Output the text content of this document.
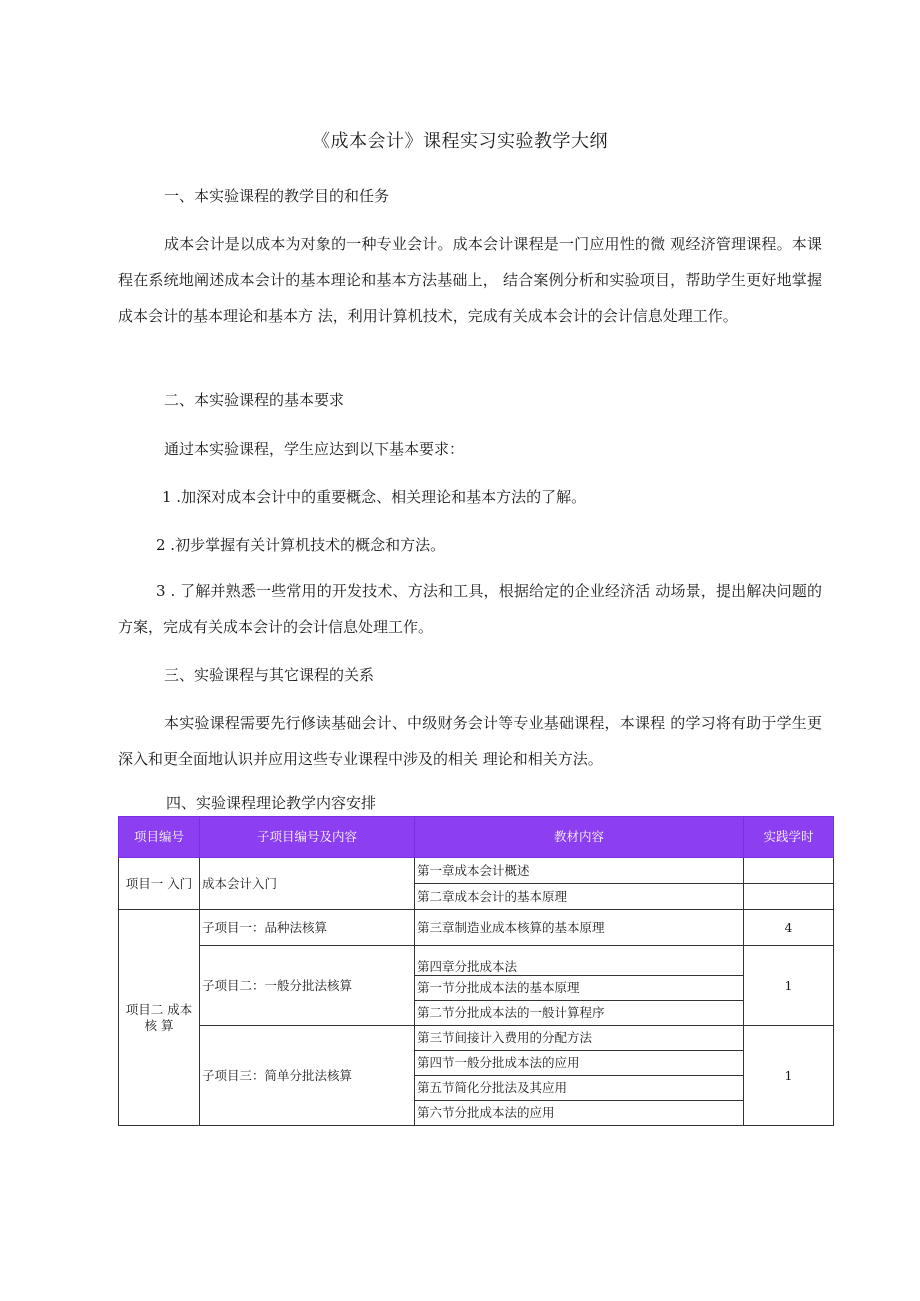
《成本会计》课程实习实验教学大纲

一、本实验课程的教学目的和任务

成本会计是以成本为对象的一种专业会计。成本会计课程是一门应用性的微 观经济管理课程。本课程在系统地阐述成本会计的基本理论和基本方法基础上， 结合案例分析和实验项目，帮助学生更好地掌握成本会计的基本理论和基本方 法，利用计算机技术，完成有关成本会计的会计信息处理工作。

二、本实验课程的基本要求

通过本实验课程，学生应达到以下基本要求：

1 .加深对成本会计中的重要概念、相关理论和基本方法的了解。

2 .初步掌握有关计算机技术的概念和方法。

3 . 了解并熟悉一些常用的开发技术、方法和工具，根据给定的企业经济活 动场景，提出解决问题的方案，完成有关成本会计的会计信息处理工作。

三、实验课程与其它课程的关系

本实验课程需要先行修读基础会计、中级财务会计等专业基础课程，本课程 的学习将有助于学生更深入和更全面地认识并应用这些专业课程中涉及的相关 理论和相关方法。

四、实验课程理论教学内容安排

项目编号	子项目编号及内容	教材内容	实践学时
项目一 入门	成本会计入门	第一章成本会计概述	
		第二章成本会计的基本原理	
项目二 成本核 算	子项目一：品种法核算	第三章制造业成本核算的基本原理	4
	子项目二：一般分批法核算	第四章分批成本法	1
		第一节分批成本法的基本原理	
		第二节分批成本法的一般计算程序	
	子项目三：简单分批法核算	第三节间接计入费用的分配方法	1
		第四节一般分批成本法的应用	
		第五节简化分批法及其应用	
		第六节分批成本法的应用	
